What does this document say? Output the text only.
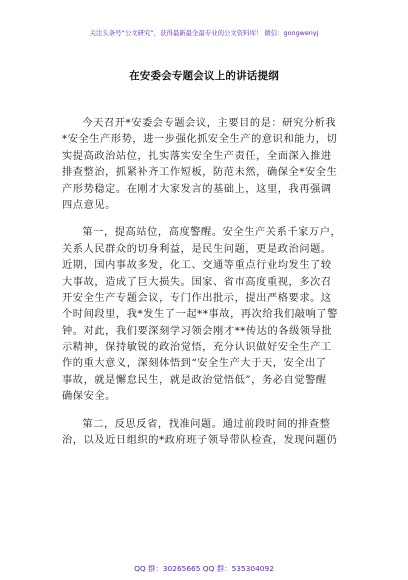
关注头条号“公文研究”，获得最新最全最专业的公文资料库！ 微信：gongwenyj
在安委会专题会议上的讲话提纲
今天召开*安委会专题会议，主要目的是：研究分析我
*安全生产形势，进一步强化抓安全生产的意识和能力，切
实提高政治站位，扎实落实安全生产责任，全面深入推进
排查整治，抓紧补齐工作短板，防范未然，确保全*安全生
产形势稳定。在刚才大家发言的基础上，这里，我再强调
四点意见。
第一，提高站位，高度警醒。安全生产关系千家万户，
关系人民群众的切身利益，是民生问题，更是政治问题。
近期，国内事故多发，化工、交通等重点行业均发生了较
大事故，造成了巨大损失。国家、省市高度重视，多次召
开安全生产专题会议，专门作出批示，提出严格要求。这
个时间段里，我*发生了一起**事故，再次给我们敲响了警
钟。对此，我们要深刻学习领会刚才**传达的各级领导批
示精神，保持敏锐的政治觉悟，充分认识做好安全生产工
作的重大意义，深刻体悟到“安全生产大于天，安全出了
事故，就是懈怠民生，就是政治觉悟低”，务必自觉警醒
确保安全。
第二，反思反省，找准问题。通过前段时间的排查整
治，以及近日组织的*政府班子领导带队检查，发现问题仍
QQ 群：30265665 QQ 群：535304092
